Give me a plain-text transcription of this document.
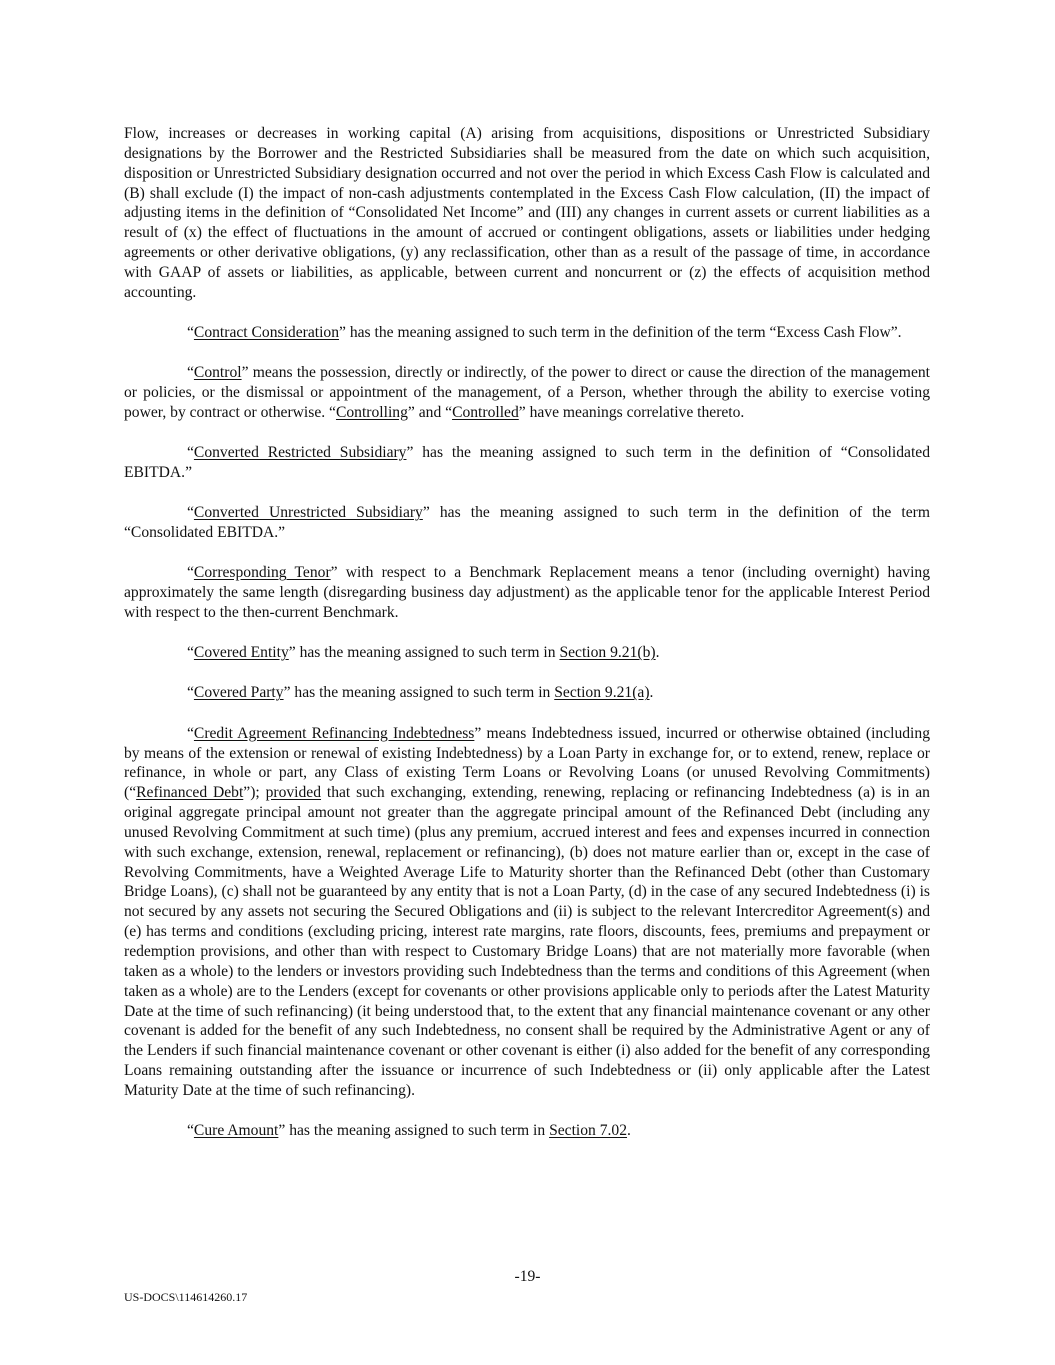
Flow, increases or decreases in working capital (A) arising from acquisitions, dispositions or Unrestricted Subsidiary designations by the Borrower and the Restricted Subsidiaries shall be measured from the date on which such acquisition, disposition or Unrestricted Subsidiary designation occurred and not over the period in which Excess Cash Flow is calculated and (B) shall exclude (I) the impact of non-cash adjustments contemplated in the Excess Cash Flow calculation, (II) the impact of adjusting items in the definition of “Consolidated Net Income” and (III) any changes in current assets or current liabilities as a result of (x) the effect of fluctuations in the amount of accrued or contingent obligations, assets or liabilities under hedging agreements or other derivative obligations, (y) any reclassification, other than as a result of the passage of time, in accordance with GAAP of assets or liabilities, as applicable, between current and noncurrent or (z) the effects of acquisition method accounting.

“Contract Consideration” has the meaning assigned to such term in the definition of the term “Excess Cash Flow”.

“Control” means the possession, directly or indirectly, of the power to direct or cause the direction of the management or policies, or the dismissal or appointment of the management, of a Person, whether through the ability to exercise voting power, by contract or otherwise. “Controlling” and “Controlled” have meanings correlative thereto.

“Converted Restricted Subsidiary” has the meaning assigned to such term in the definition of “Consolidated EBITDA.”

“Converted Unrestricted Subsidiary” has the meaning assigned to such term in the definition of the term “Consolidated EBITDA.”

“Corresponding Tenor” with respect to a Benchmark Replacement means a tenor (including overnight) having approximately the same length (disregarding business day adjustment) as the applicable tenor for the applicable Interest Period with respect to the then-current Benchmark.

“Covered Entity” has the meaning assigned to such term in Section 9.21(b).

“Covered Party” has the meaning assigned to such term in Section 9.21(a).

“Credit Agreement Refinancing Indebtedness” means Indebtedness issued, incurred or otherwise obtained (including by means of the extension or renewal of existing Indebtedness) by a Loan Party in exchange for, or to extend, renew, replace or refinance, in whole or part, any Class of existing Term Loans or Revolving Loans (or unused Revolving Commitments) (“Refinanced Debt”); provided that such exchanging, extending, renewing, replacing or refinancing Indebtedness (a) is in an original aggregate principal amount not greater than the aggregate principal amount of the Refinanced Debt (including any unused Revolving Commitment at such time) (plus any premium, accrued interest and fees and expenses incurred in connection with such exchange, extension, renewal, replacement or refinancing), (b) does not mature earlier than or, except in the case of Revolving Commitments, have a Weighted Average Life to Maturity shorter than the Refinanced Debt (other than Customary Bridge Loans), (c) shall not be guaranteed by any entity that is not a Loan Party, (d) in the case of any secured Indebtedness (i) is not secured by any assets not securing the Secured Obligations and (ii) is subject to the relevant Intercreditor Agreement(s) and (e) has terms and conditions (excluding pricing, interest rate margins, rate floors, discounts, fees, premiums and prepayment or redemption provisions, and other than with respect to Customary Bridge Loans) that are not materially more favorable (when taken as a whole) to the lenders or investors providing such Indebtedness than the terms and conditions of this Agreement (when taken as a whole) are to the Lenders (except for covenants or other provisions applicable only to periods after the Latest Maturity Date at the time of such refinancing) (it being understood that, to the extent that any financial maintenance covenant or any other covenant is added for the benefit of any such Indebtedness, no consent shall be required by the Administrative Agent or any of the Lenders if such financial maintenance covenant or other covenant is either (i) also added for the benefit of any corresponding Loans remaining outstanding after the issuance or incurrence of such Indebtedness or (ii) only applicable after the Latest Maturity Date at the time of such refinancing).

“Cure Amount” has the meaning assigned to such term in Section 7.02.

-19-
US-DOCS\114614260.17
